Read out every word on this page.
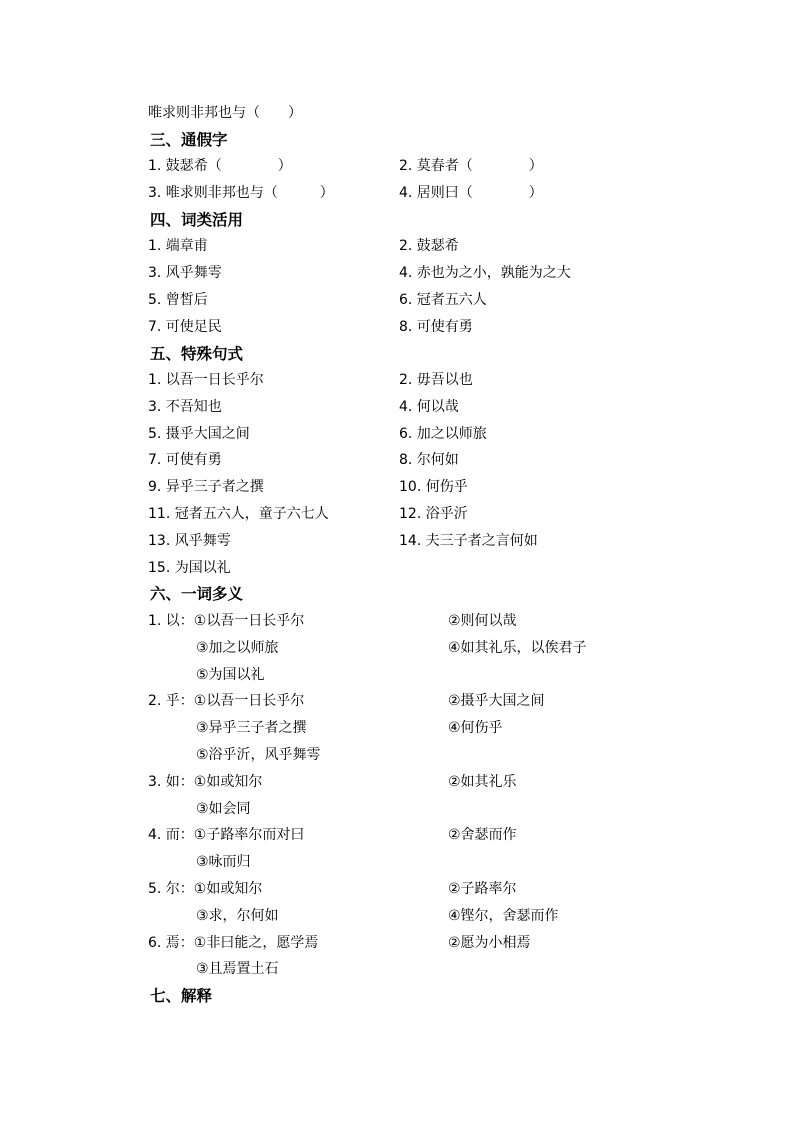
唯求则非邦也与（　　）
三、通假字
1. 鼓瑟希（　　　　）	2. 莫春者（　　　　）
3. 唯求则非邦也与（　　　）	4. 居则曰（　　　　）
四、词类活用
1. 端章甫	2. 鼓瑟希
3. 风乎舞雩	4. 赤也为之小，孰能为之大
5. 曾皙后	6. 冠者五六人
7. 可使足民	8. 可使有勇
五、特殊句式
1. 以吾一日长乎尔	2. 毋吾以也
3. 不吾知也	4. 何以哉
5. 摄乎大国之间	6. 加之以师旅
7. 可使有勇	8. 尔何如
9. 异乎三子者之撰	10. 何伤乎
11. 冠者五六人，童子六七人	12. 浴乎沂
13. 风乎舞雩	14. 夫三子者之言何如
15. 为国以礼
六、一词多义
1. 以：①以吾一日长乎尔	②则何以哉
③加之以师旅	④如其礼乐，以俟君子
⑤为国以礼
2. 乎：①以吾一日长乎尔	②摄乎大国之间
③异乎三子者之撰	④何伤乎
⑤浴乎沂，风乎舞雩
3. 如：①如或知尔	②如其礼乐
③如会同
4. 而：①子路率尔而对曰	②舍瑟而作
③咏而归
5. 尔：①如或知尔	②子路率尔
③求，尔何如	④铿尔，舍瑟而作
6. 焉：①非曰能之，愿学焉	②愿为小相焉
③且焉置土石
七、解释
